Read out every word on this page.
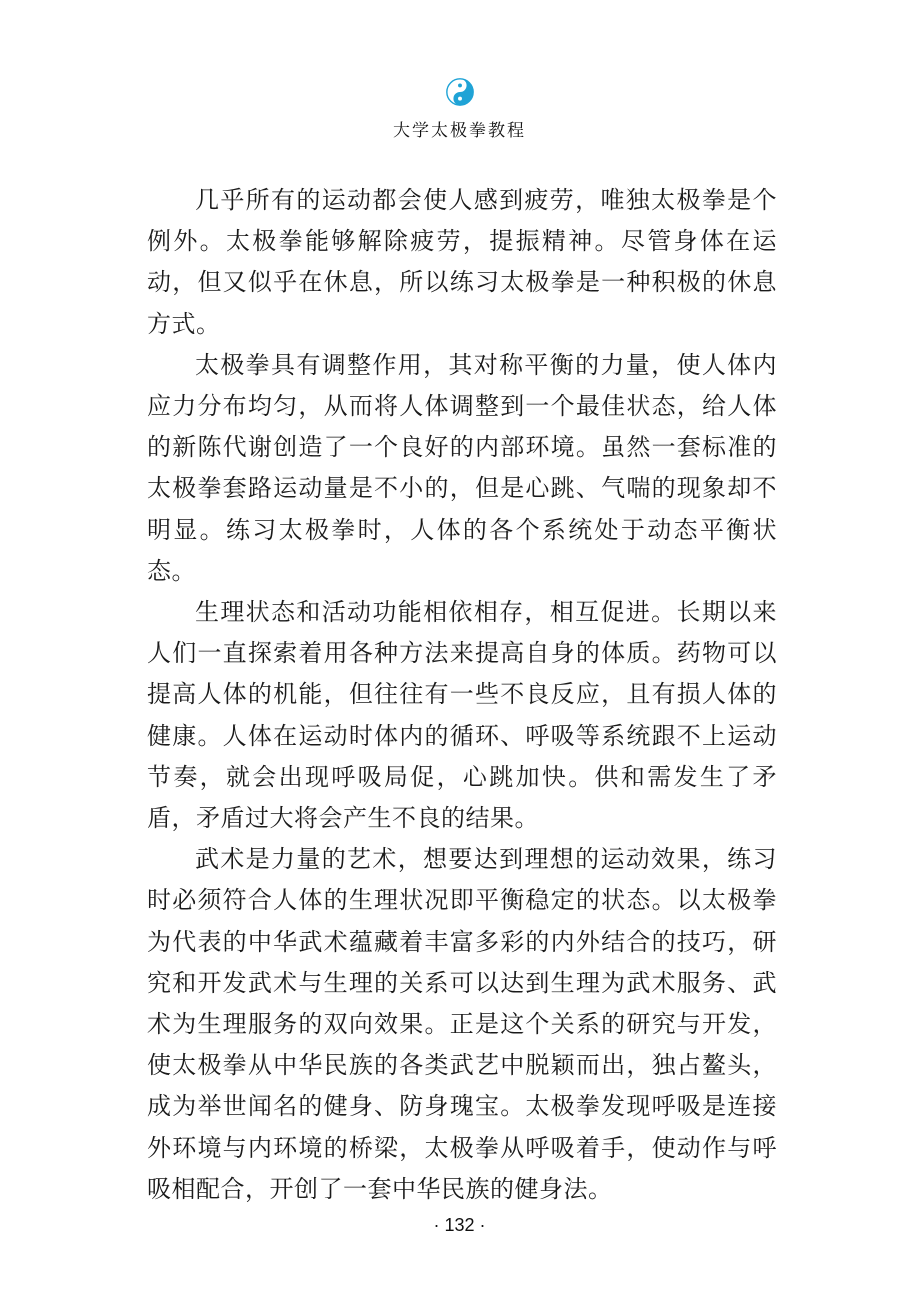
大学太极拳教程

几乎所有的运动都会使人感到疲劳，唯独太极拳是个例外。太极拳能够解除疲劳，提振精神。尽管身体在运动，但又似乎在休息，所以练习太极拳是一种积极的休息方式。

太极拳具有调整作用，其对称平衡的力量，使人体内应力分布均匀，从而将人体调整到一个最佳状态，给人体的新陈代谢创造了一个良好的内部环境。虽然一套标准的太极拳套路运动量是不小的，但是心跳、气喘的现象却不明显。练习太极拳时，人体的各个系统处于动态平衡状态。

生理状态和活动功能相依相存，相互促进。长期以来人们一直探索着用各种方法来提高自身的体质。药物可以提高人体的机能，但往往有一些不良反应，且有损人体的健康。人体在运动时体内的循环、呼吸等系统跟不上运动节奏，就会出现呼吸局促，心跳加快。供和需发生了矛盾，矛盾过大将会产生不良的结果。

武术是力量的艺术，想要达到理想的运动效果，练习时必须符合人体的生理状况即平衡稳定的状态。以太极拳为代表的中华武术蕴藏着丰富多彩的内外结合的技巧，研究和开发武术与生理的关系可以达到生理为武术服务、武术为生理服务的双向效果。正是这个关系的研究与开发，使太极拳从中华民族的各类武艺中脱颖而出，独占鳌头，成为举世闻名的健身、防身瑰宝。太极拳发现呼吸是连接外环境与内环境的桥梁，太极拳从呼吸着手，使动作与呼吸相配合，开创了一套中华民族的健身法。

· 132 ·
